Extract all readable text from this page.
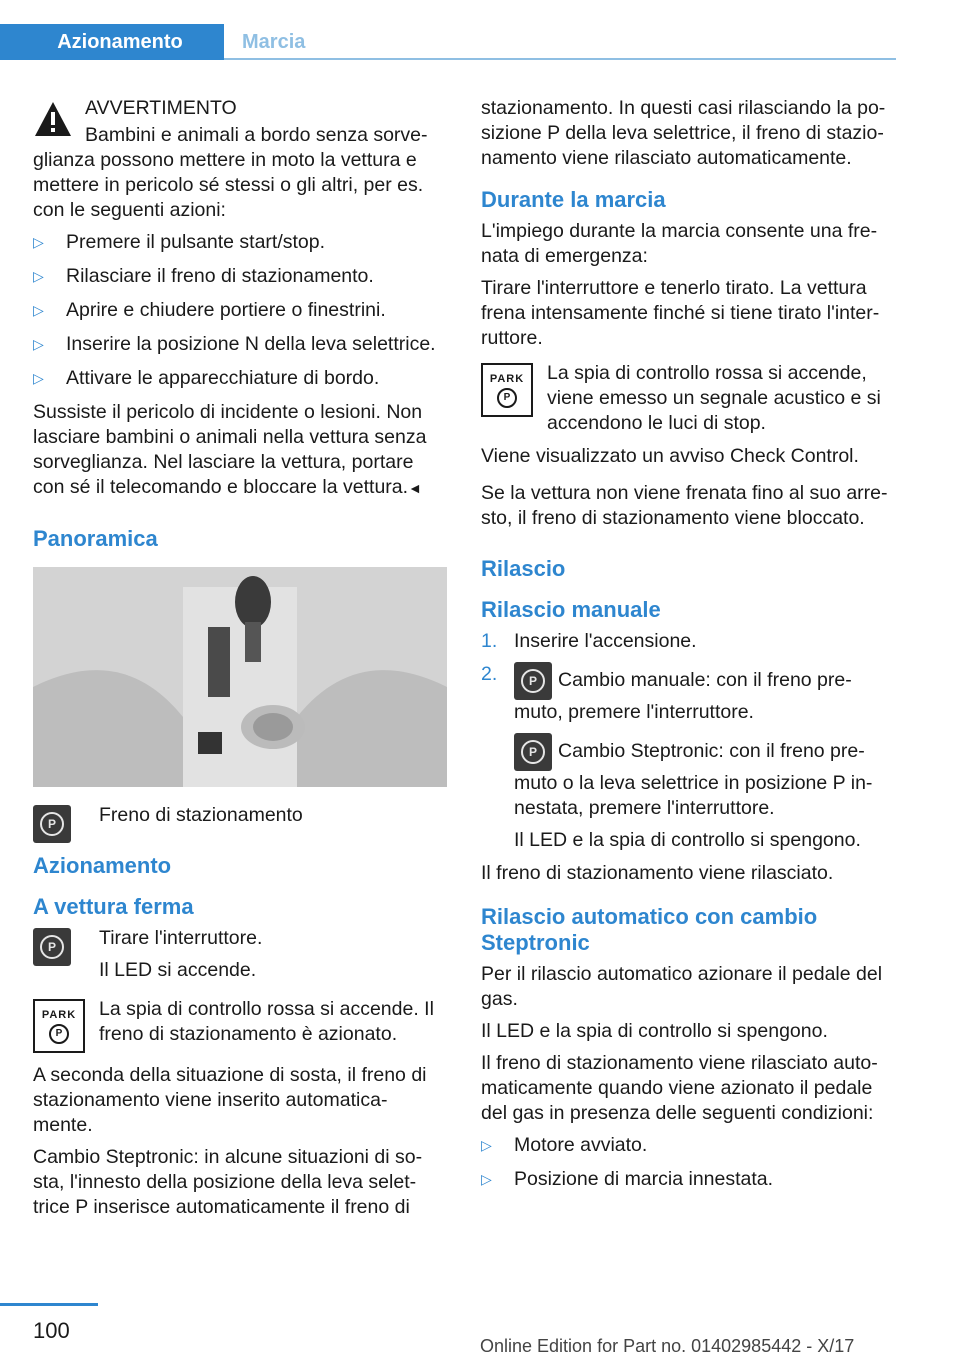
Azionamento	Marcia

AVVERTIMENTO

Bambini e animali a bordo senza sorve- glianza possono mettere in moto la vettura e mettere in pericolo sé stessi o gli altri, per es. con le seguenti azioni:

▷ Premere il pulsante start/stop.
▷ Rilasciare il freno di stazionamento.
▷ Aprire e chiudere portiere o finestrini.
▷ Inserire la posizione N della leva selettrice.
▷ Attivare le apparecchiature di bordo.

Sussiste il pericolo di incidente o lesioni. Non lasciare bambini o animali nella vettura senza sorveglianza. Nel lasciare la vettura, portare con sé il telecomando e bloccare la vettura.◄

Panoramica
P	Freno di stazionamento

Azionamento
A vettura ferma
P	Tirare l'interruttore.

Il LED si accende.

PARK
P

La spia di controllo rossa si accende. Il freno di stazionamento è azionato.

A seconda della situazione di sosta, il freno di stazionamento viene inserito automatica- mente.

Cambio Steptronic: in alcune situazioni di so- sta, l'innesto della posizione della leva selet- trice P inserisce automaticamente il freno di

stazionamento. In questi casi rilasciando la po- sizione P della leva selettrice, il freno di stazio- namento viene rilasciato automaticamente.

Durante la marcia

L'impiego durante la marcia consente una fre- nata di emergenza:

Tirare l'interruttore e tenerlo tirato. La vettura frena intensamente finché si tiene tirato l'inter- ruttore.

PARK
P

La spia di controllo rossa si accende, viene emesso un segnale acustico e si accendono le luci di stop.

Viene visualizzato un avviso Check Control.

Se la vettura non viene frenata fino al suo arre- sto, il freno di stazionamento viene bloccato.

Rilascio
Rilascio manuale
1. Inserire l'accensione.
2.	P	Cambio manuale: con il freno pre- muto, premere l'interruttore.

P	Cambio Steptronic: con il freno pre- muto o la leva selettrice in posizione P in- nestata, premere l'interruttore.

Il LED e la spia di controllo si spengono.

Il freno di stazionamento viene rilasciato.

Rilascio automatico con cambio Steptronic

Per il rilascio automatico azionare il pedale del gas.

Il LED e la spia di controllo si spengono.

Il freno di stazionamento viene rilasciato auto- maticamente quando viene azionato il pedale del gas in presenza delle seguenti condizioni:

▷ Motore avviato.
▷ Posizione di marcia innestata.
100
Online Edition for Part no. 01402985442 - X/17
